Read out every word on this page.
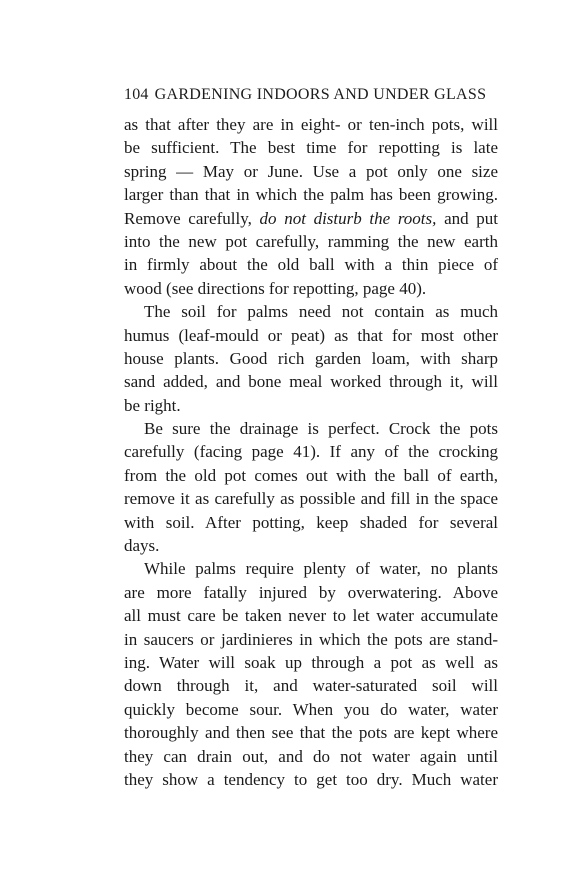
104 GARDENING INDOORS AND UNDER GLASS
as that after they are in eight- or ten-inch pots, will
be sufficient. The best time for repotting is late
spring — May or June. Use a pot only one size
larger than that in which the palm has been growing.
Remove carefully, do not disturb the roots, and put
into the new pot carefully, ramming the new earth
in firmly about the old ball with a thin piece of
wood (see directions for repotting, page 40).
The soil for palms need not contain as much
humus (leaf-mould or peat) as that for most other
house plants. Good rich garden loam, with sharp
sand added, and bone meal worked through it, will
be right.
Be sure the drainage is perfect. Crock the pots
carefully (facing page 41). If any of the crocking
from the old pot comes out with the ball of earth,
remove it as carefully as possible and fill in the space
with soil. After potting, keep shaded for several
days.
While palms require plenty of water, no plants
are more fatally injured by overwatering. Above
all must care be taken never to let water accumulate
in saucers or jardinieres in which the pots are stand-
ing. Water will soak up through a pot as well as
down through it, and water-saturated soil will
quickly become sour. When you do water, water
thoroughly and then see that the pots are kept where
they can drain out, and do not water again until
they show a tendency to get too dry. Much water
